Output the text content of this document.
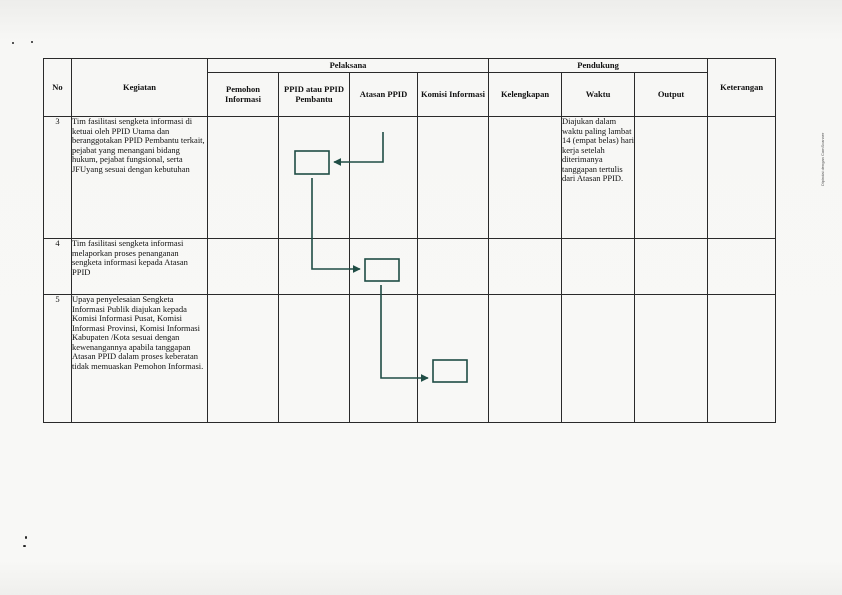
No	Kegiatan	Pelaksana				Pendukung			Keterangan
		Pemohon Informasi	PPID atau PPID Pembantu	Atasan PPID	Komisi Informasi	Kelengkapan	Waktu	Output	
3	Tim fasilitasi sengketa informasi di ketuai oleh PPID Utama dan beranggotakan PPID Pembantu terkait, pejabat yang menangani bidang hukum, pejabat fungsional, serta JFUyang sesuai dengan kebutuhan						Diajukan dalam waktu paling lambat 14 (empat belas) hari kerja setelah diterimanya tanggapan tertulis dari Atasan PPID.		
4	Tim fasilitasi sengketa informasi melaporkan proses penanganan sengketa informasi kepada Atasan PPID								
5	Upaya penyelesaian Sengketa Informasi Publik diajukan kepada Komisi Informasi Pusat, Komisi Informasi Provinsi, Komisi Informasi Kabupaten /Kota sesuai dengan kewenangannya apabila tanggapan Atasan PPID dalam proses keberatan tidak memuaskan Pemohon Informasi.								
Dipindai dengan CamScanner
